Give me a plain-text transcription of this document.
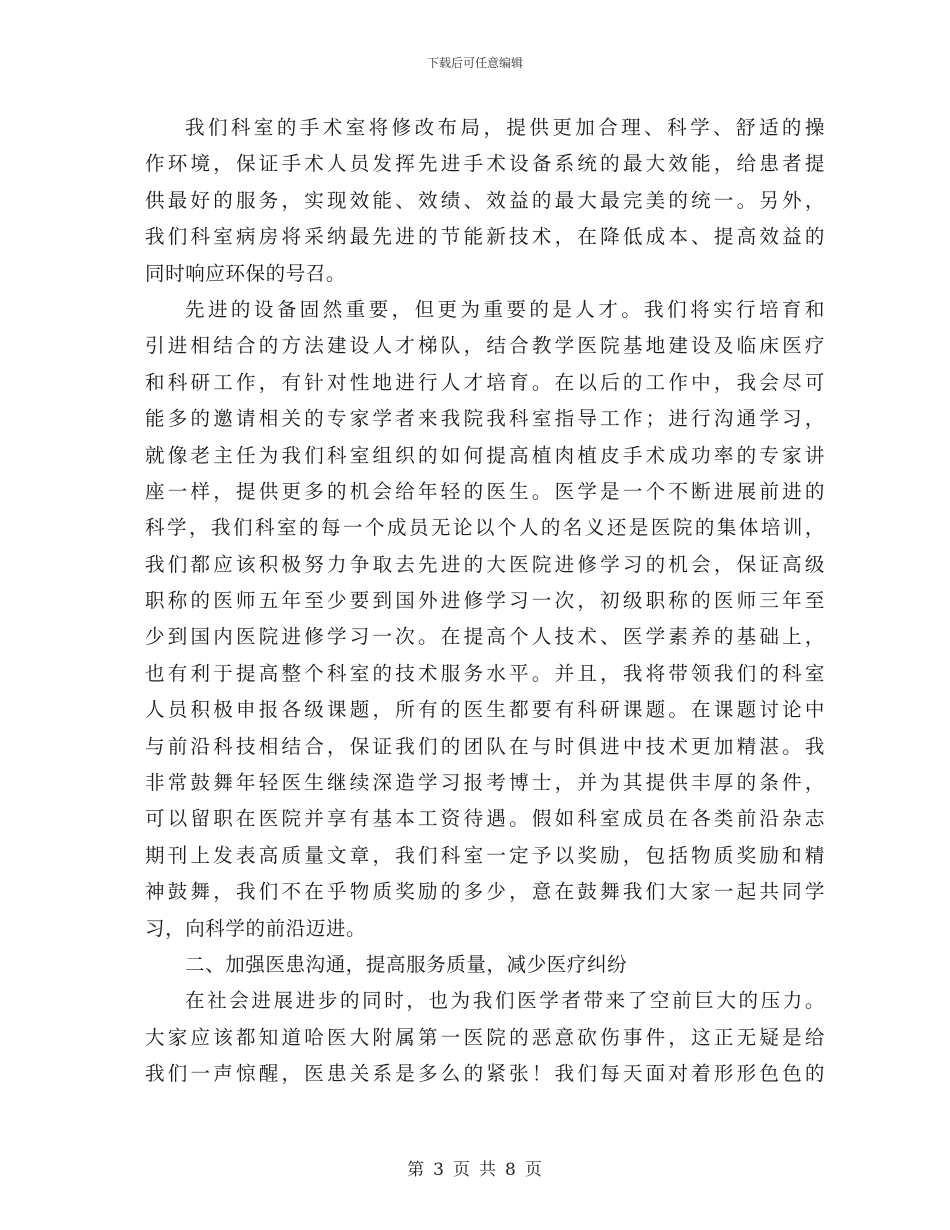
下载后可任意编辑
我们科室的手术室将修改布局，提供更加合理、科学、舒适的操
作环境，保证手术人员发挥先进手术设备系统的最大效能，给患者提
供最好的服务，实现效能、效绩、效益的最大最完美的统一。另外，
我们科室病房将采纳最先进的节能新技术，在降低成本、提高效益的
同时响应环保的号召。
先进的设备固然重要，但更为重要的是人才。我们将实行培育和
引进相结合的方法建设人才梯队，结合教学医院基地建设及临床医疗
和科研工作，有针对性地进行人才培育。在以后的工作中，我会尽可
能多的邀请相关的专家学者来我院我科室指导工作；进行沟通学习，
就像老主任为我们科室组织的如何提高植肉植皮手术成功率的专家讲
座一样，提供更多的机会给年轻的医生。医学是一个不断进展前进的
科学，我们科室的每一个成员无论以个人的名义还是医院的集体培训，
我们都应该积极努力争取去先进的大医院进修学习的机会，保证高级
职称的医师五年至少要到国外进修学习一次，初级职称的医师三年至
少到国内医院进修学习一次。在提高个人技术、医学素养的基础上，
也有利于提高整个科室的技术服务水平。并且，我将带领我们的科室
人员积极申报各级课题，所有的医生都要有科研课题。在课题讨论中
与前沿科技相结合，保证我们的团队在与时俱进中技术更加精湛。我
非常鼓舞年轻医生继续深造学习报考博士，并为其提供丰厚的条件，
可以留职在医院并享有基本工资待遇。假如科室成员在各类前沿杂志
期刊上发表高质量文章，我们科室一定予以奖励，包括物质奖励和精
神鼓舞，我们不在乎物质奖励的多少，意在鼓舞我们大家一起共同学
习，向科学的前沿迈进。
二、加强医患沟通，提高服务质量，减少医疗纠纷
在社会进展进步的同时，也为我们医学者带来了空前巨大的压力。
大家应该都知道哈医大附属第一医院的恶意砍伤事件，这正无疑是给
我们一声惊醒，医患关系是多么的紧张！我们每天面对着形形色色的
第 3 页 共 8 页
